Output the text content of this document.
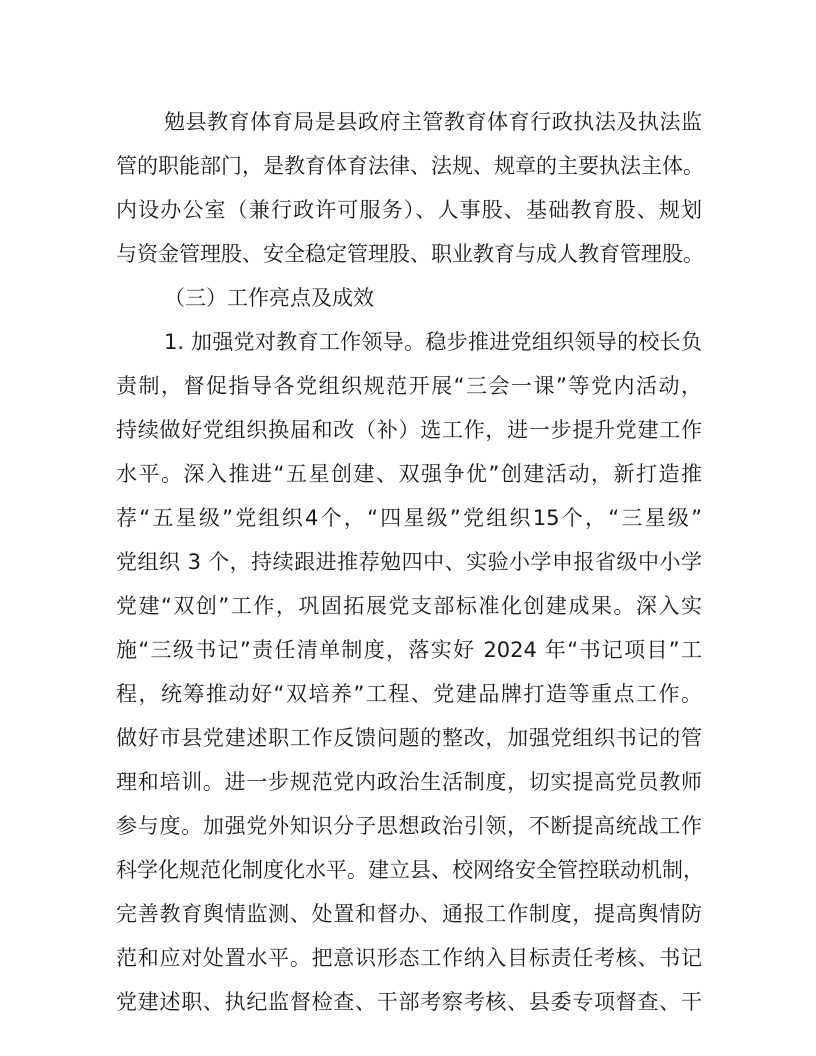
勉县教育体育局是县政府主管教育体育行政执法及执法监
管的职能部门，是教育体育法律、法规、规章的主要执法主体。
内设办公室（兼行政许可服务）、人事股、基础教育股、规划
与资金管理股、安全稳定管理股、职业教育与成人教育管理股。
（三）工作亮点及成效
1. 加强党对教育工作领导。稳步推进党组织领导的校长负
责制，督促指导各党组织规范开展“三会一课”等党内活动，
持续做好党组织换届和改（补）选工作，进一步提升党建工作
水平。深入推进“五星创建、双强争优”创建活动，新打造推
荐“五星级”党组织4个，“四星级”党组织15个，“三星级”
党组织 3 个，持续跟进推荐勉四中、实验小学申报省级中小学
党建“双创”工作，巩固拓展党支部标准化创建成果。深入实
施“三级书记”责任清单制度，落实好 2024 年“书记项目”工
程，统筹推动好“双培养”工程、党建品牌打造等重点工作。
做好市县党建述职工作反馈问题的整改，加强党组织书记的管
理和培训。进一步规范党内政治生活制度，切实提高党员教师
参与度。加强党外知识分子思想政治引领，不断提高统战工作
科学化规范化制度化水平。建立县、校网络安全管控联动机制，
完善教育舆情监测、处置和督办、通报工作制度，提高舆情防
范和应对处置水平。把意识形态工作纳入目标责任考核、书记
党建述职、执纪监督检查、干部考察考核、县委专项督查、干
